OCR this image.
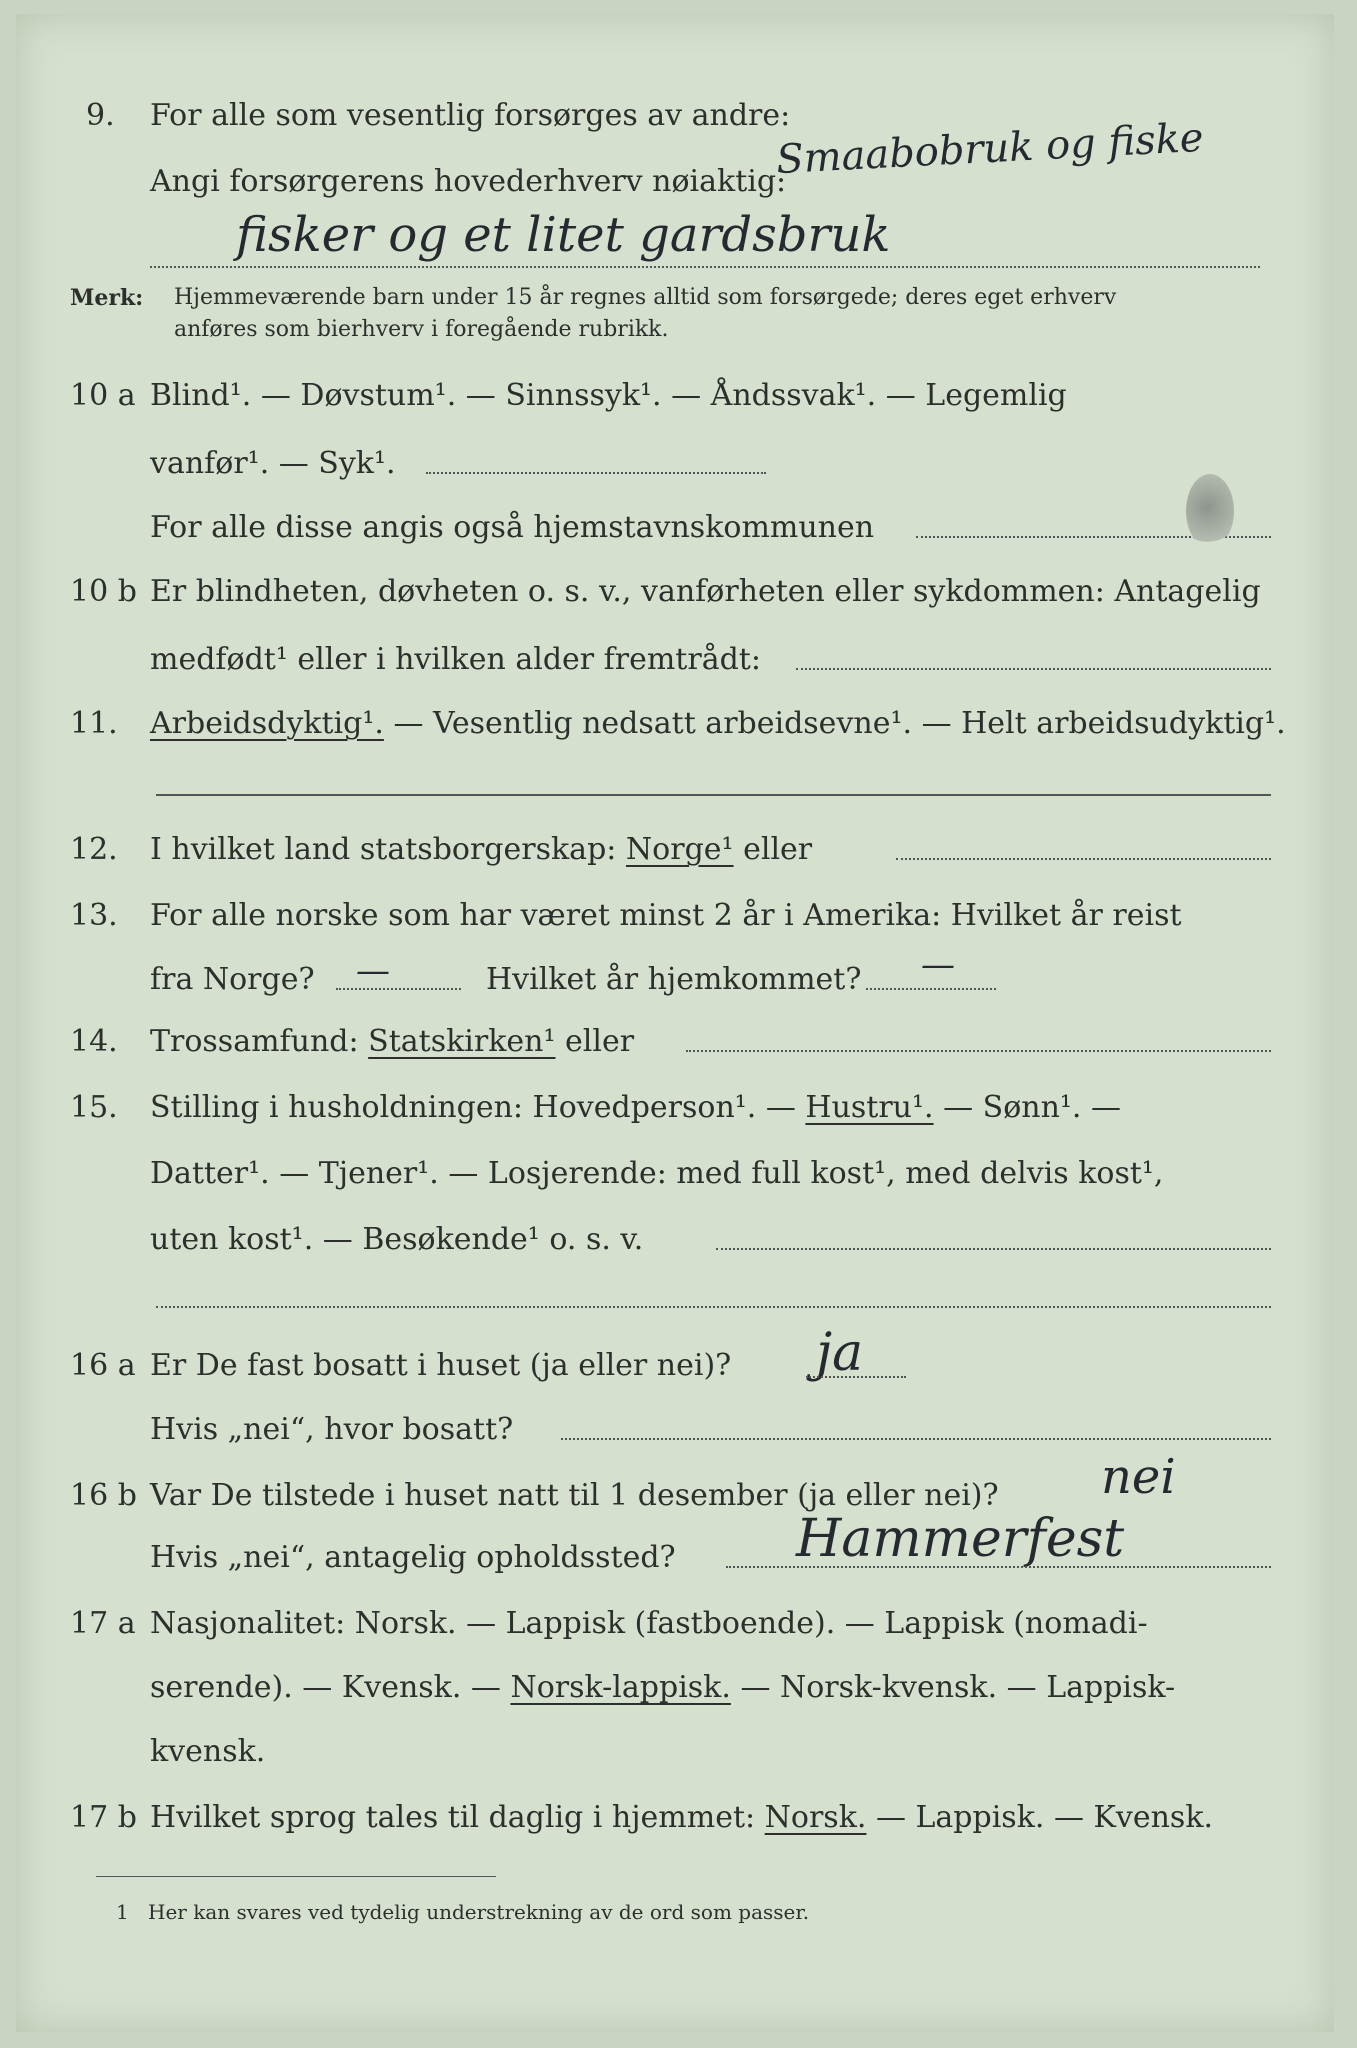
9. For alle som vesentlig forsørges av andre:
Angi forsørgerens hovederhverv nøiaktig:
Smaabobruk og fiske
fisker og et litet gardsbruk
Merk: Hjemmeværende barn under 15 år regnes alltid som forsørgede; deres eget erhverv
anføres som bierhverv i foregående rubrikk.
10 a Blind¹. — Døvstum¹. — Sinnssyk¹. — Åndssvak¹. — Legemlig
vanfør¹. — Syk¹.
For alle disse angis også hjemstavnskommunen
10 b Er blindheten, døvheten o. s. v., vanførheten eller sykdommen: Antagelig
medfødt¹ eller i hvilken alder fremtrådt:
11. Arbeidsdyktig¹. — Vesentlig nedsatt arbeidsevne¹. — Helt arbeidsudyktig¹.
12. I hvilket land statsborgerskap: Norge¹ eller
13. For alle norske som har været minst 2 år i Amerika: Hvilket år reist
fra Norge? —	Hvilket år hjemkommet? —
14. Trossamfund: Statskirken¹ eller
15. Stilling i husholdningen: Hovedperson¹. — Hustru¹. — Sønn¹. —
Datter¹. — Tjener¹. — Losjerende: med full kost¹, med delvis kost¹,
uten kost¹. — Besøkende¹ o. s. v.
16 a Er De fast bosatt i huset (ja eller nei)? ja
Hvis „nei“, hvor bosatt?
16 b Var De tilstede i huset natt til 1 desember (ja eller nei)? nei
Hvis „nei“, antagelig opholdssted? Hammerfest
17 a Nasjonalitet: Norsk. — Lappisk (fastboende). — Lappisk (nomadi-
serende). — Kvensk. — Norsk-lappisk. — Norsk-kvensk. — Lappisk-
kvensk.
17 b Hvilket sprog tales til daglig i hjemmet: Norsk. — Lappisk. — Kvensk.
1 Her kan svares ved tydelig understrekning av de ord som passer.
